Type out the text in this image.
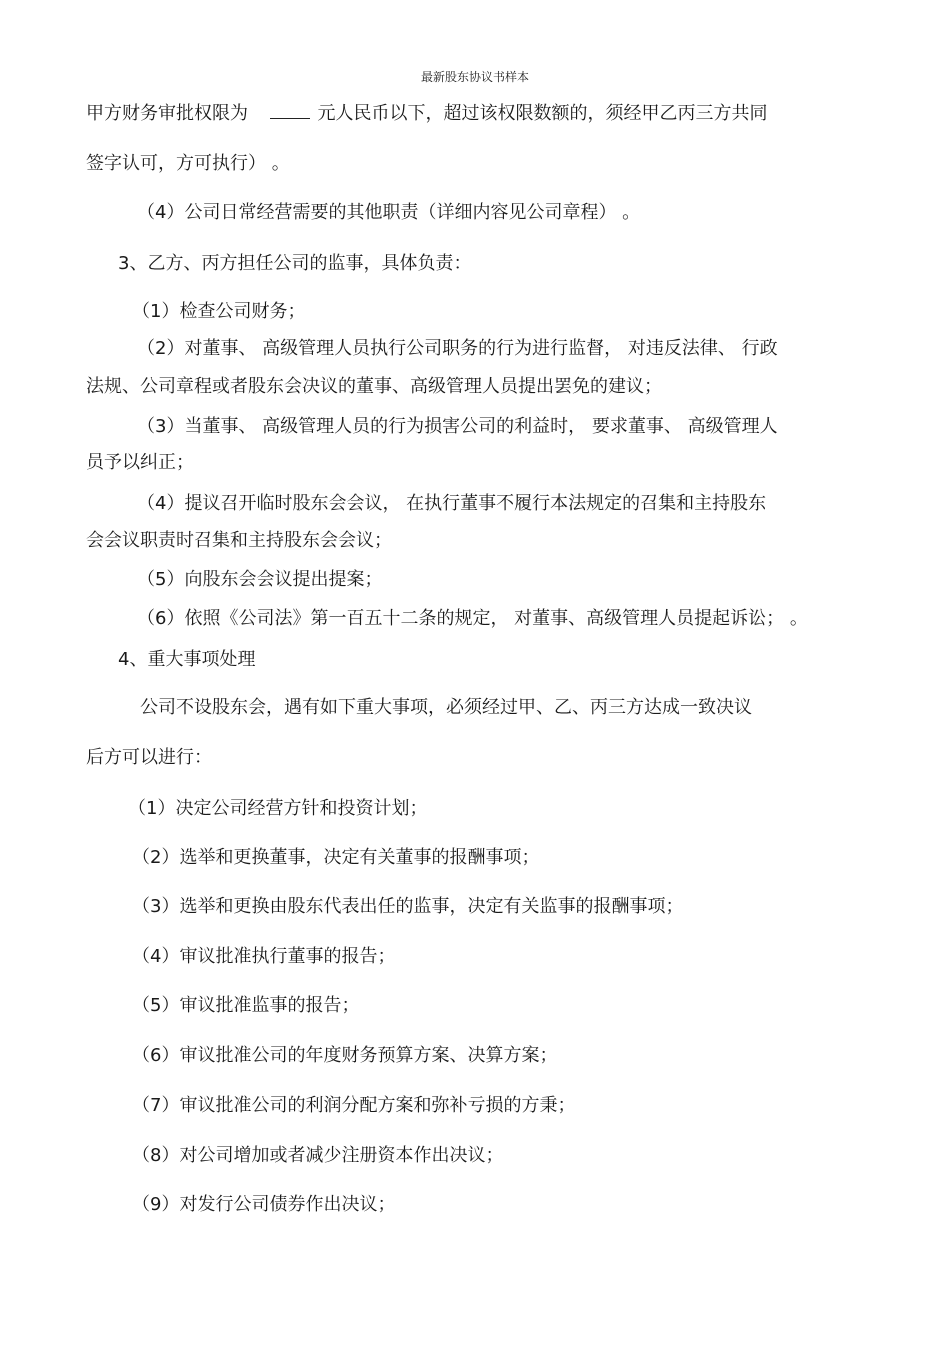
最新股东协议书样本
甲方财务审批权限为	元人民币以下，超过该权限数额的，须经甲乙丙三方共同
签字认可，方可执行） 。
（4）公司日常经营需要的其他职责（详细内容见公司章程） 。
3、乙方、丙方担任公司的监事，具体负责：
（1）检查公司财务；
（2）对董事、 高级管理人员执行公司职务的行为进行监督， 对违反法律、 行政
法规、公司章程或者股东会决议的董事、高级管理人员提出罢免的建议；
（3）当董事、 高级管理人员的行为损害公司的利益时， 要求董事、 高级管理人
员予以纠正；
（4）提议召开临时股东会会议， 在执行董事不履行本法规定的召集和主持股东
会会议职责时召集和主持股东会会议；
（5）向股东会会议提出提案；
（6）依照《公司法》第一百五十二条的规定， 对董事、高级管理人员提起诉讼； 。
4、重大事项处理
公司不设股东会，遇有如下重大事项，必须经过甲、乙、丙三方达成一致决议
后方可以进行：
（1）决定公司经营方针和投资计划；
（2）选举和更换董事，决定有关董事的报酬事项；
（3）选举和更换由股东代表出任的监事，决定有关监事的报酬事项；
（4）审议批准执行董事的报告；
（5）审议批准监事的报告；
（6）审议批准公司的年度财务预算方案、决算方案；
（7）审议批准公司的利润分配方案和弥补亏损的方秉；
（8）对公司增加或者减少注册资本作出决议；
（9）对发行公司债券作出决议；
